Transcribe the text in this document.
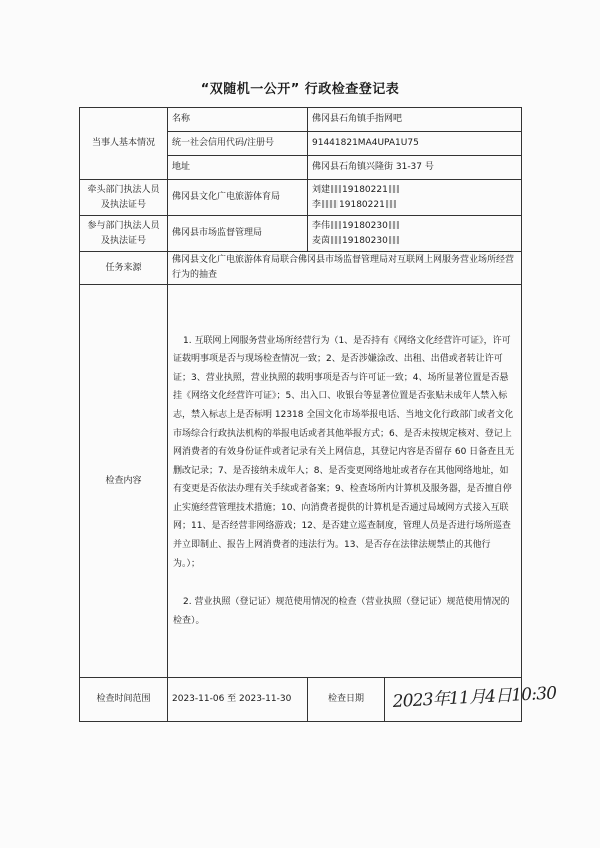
“双随机一公开” 行政检查登记表
当事人基本情况	名称	佛冈县石角镇手指网吧	
	统一社会信用代码/注册号	91441821MA4UPA1U75	
	地址	佛冈县石角镇兴隆街 31-37 号	
牵头部门执法人员及执法证号	佛冈县文化广电旅游体育局	刘建 19180221
李 19180221	

参与部门执法人员及执法证号	佛冈县市场监督管理局	李伟 19180230
麦茵 19180230	

任务来源	佛冈县文化广电旅游体育局联合佛冈县市场监督管理局对互联网上网服务营业场所经营行为的抽查		
检查内容	1. 互联网上网服务营业场所经营行为（1、是否持有《网络文化经营许可证》，许可证载明事项是否与现场检查情况一致；2、是否涉嫌涂改、出租、出借或者转让许可证；3、营业执照，营业执照的载明事项是否与许可证一致；4、场所显著位置是否悬挂《网络文化经营许可证》；5、出入口、收银台等显著位置是否张贴未成年人禁入标志，禁入标志上是否标明 12318 全国文化市场举报电话、当地文化行政部门或者文化市场综合行政执法机构的举报电话或者其他举报方式；6、是否未按规定核对、登记上网消费者的有效身份证件或者记录有关上网信息，其登记内容是否留存 60 日备查且无删改记录；7、是否接纳未成年人；8、是否变更网络地址或者存在其他网络地址，如有变更是否依法办理有关手续或者备案；9、检查场所内计算机及服务器，是否擅自停止实施经营管理技术措施；10、向消费者提供的计算机是否通过局域网方式接入互联网；11、是否经营非网络游戏；12、是否建立巡查制度，管理人员是否进行场所巡查并立即制止、报告上网消费者的违法行为。13、是否存在法律法规禁止的其他行为。）；

2. 营业执照（登记证）规范使用情况的检查（营业执照（登记证）规范使用情况的检查）。		

检查时间范围	2023-11-06 至 2023-11-30	检查日期	2023年11月4日10:30
